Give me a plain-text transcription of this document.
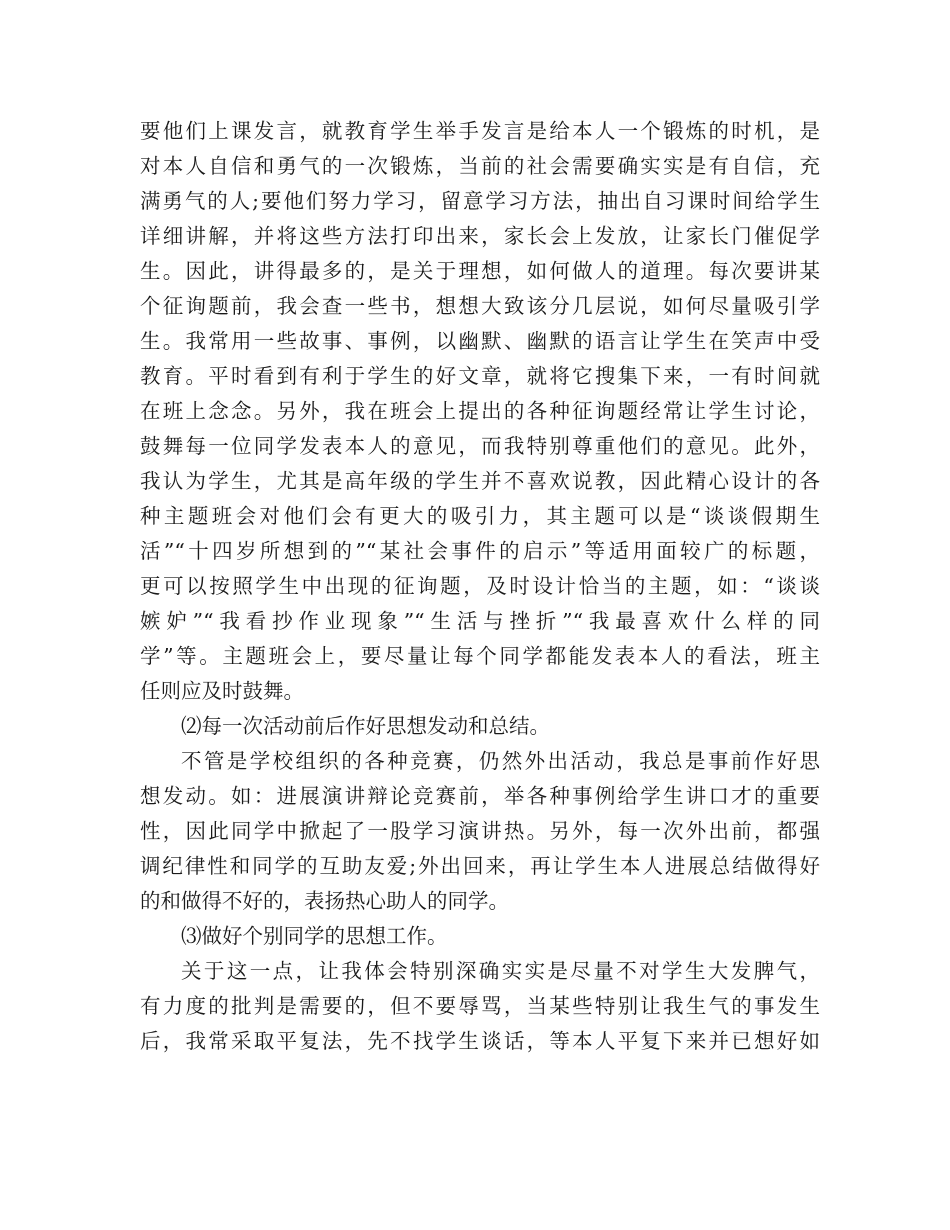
要他们上课发言，就教育学生举手发言是给本人一个锻炼的时机，是
对本人自信和勇气的一次锻炼，当前的社会需要确实实是有自信，充
满勇气的人;要他们努力学习，留意学习方法，抽出自习课时间给学生
详细讲解，并将这些方法打印出来，家长会上发放，让家长门催促学
生。因此，讲得最多的，是关于理想，如何做人的道理。每次要讲某
个征询题前，我会查一些书，想想大致该分几层说，如何尽量吸引学
生。我常用一些故事、事例，以幽默、幽默的语言让学生在笑声中受
教育。平时看到有利于学生的好文章，就将它搜集下来，一有时间就
在班上念念。另外，我在班会上提出的各种征询题经常让学生讨论，
鼓舞每一位同学发表本人的意见，而我特别尊重他们的意见。此外，
我认为学生，尤其是高年级的学生并不喜欢说教，因此精心设计的各
种主题班会对他们会有更大的吸引力，其主题可以是“谈谈假期生
活”“十四岁所想到的”“某社会事件的启示”等适用面较广的标题，
更可以按照学生中出现的征询题，及时设计恰当的主题，如：“谈谈
嫉妒”“我看抄作业现象”“生活与挫折”“我最喜欢什么样的同
学”等。主题班会上，要尽量让每个同学都能发表本人的看法，班主
任则应及时鼓舞。
⑵每一次活动前后作好思想发动和总结。
不管是学校组织的各种竞赛，仍然外出活动，我总是事前作好思
想发动。如：进展演讲辩论竞赛前，举各种事例给学生讲口才的重要
性，因此同学中掀起了一股学习演讲热。另外，每一次外出前，都强
调纪律性和同学的互助友爱;外出回来，再让学生本人进展总结做得好
的和做得不好的，表扬热心助人的同学。
⑶做好个别同学的思想工作。
关于这一点，让我体会特别深确实实是尽量不对学生大发脾气，
有力度的批判是需要的，但不要辱骂，当某些特别让我生气的事发生
后，我常采取平复法，先不找学生谈话，等本人平复下来并已想好如
